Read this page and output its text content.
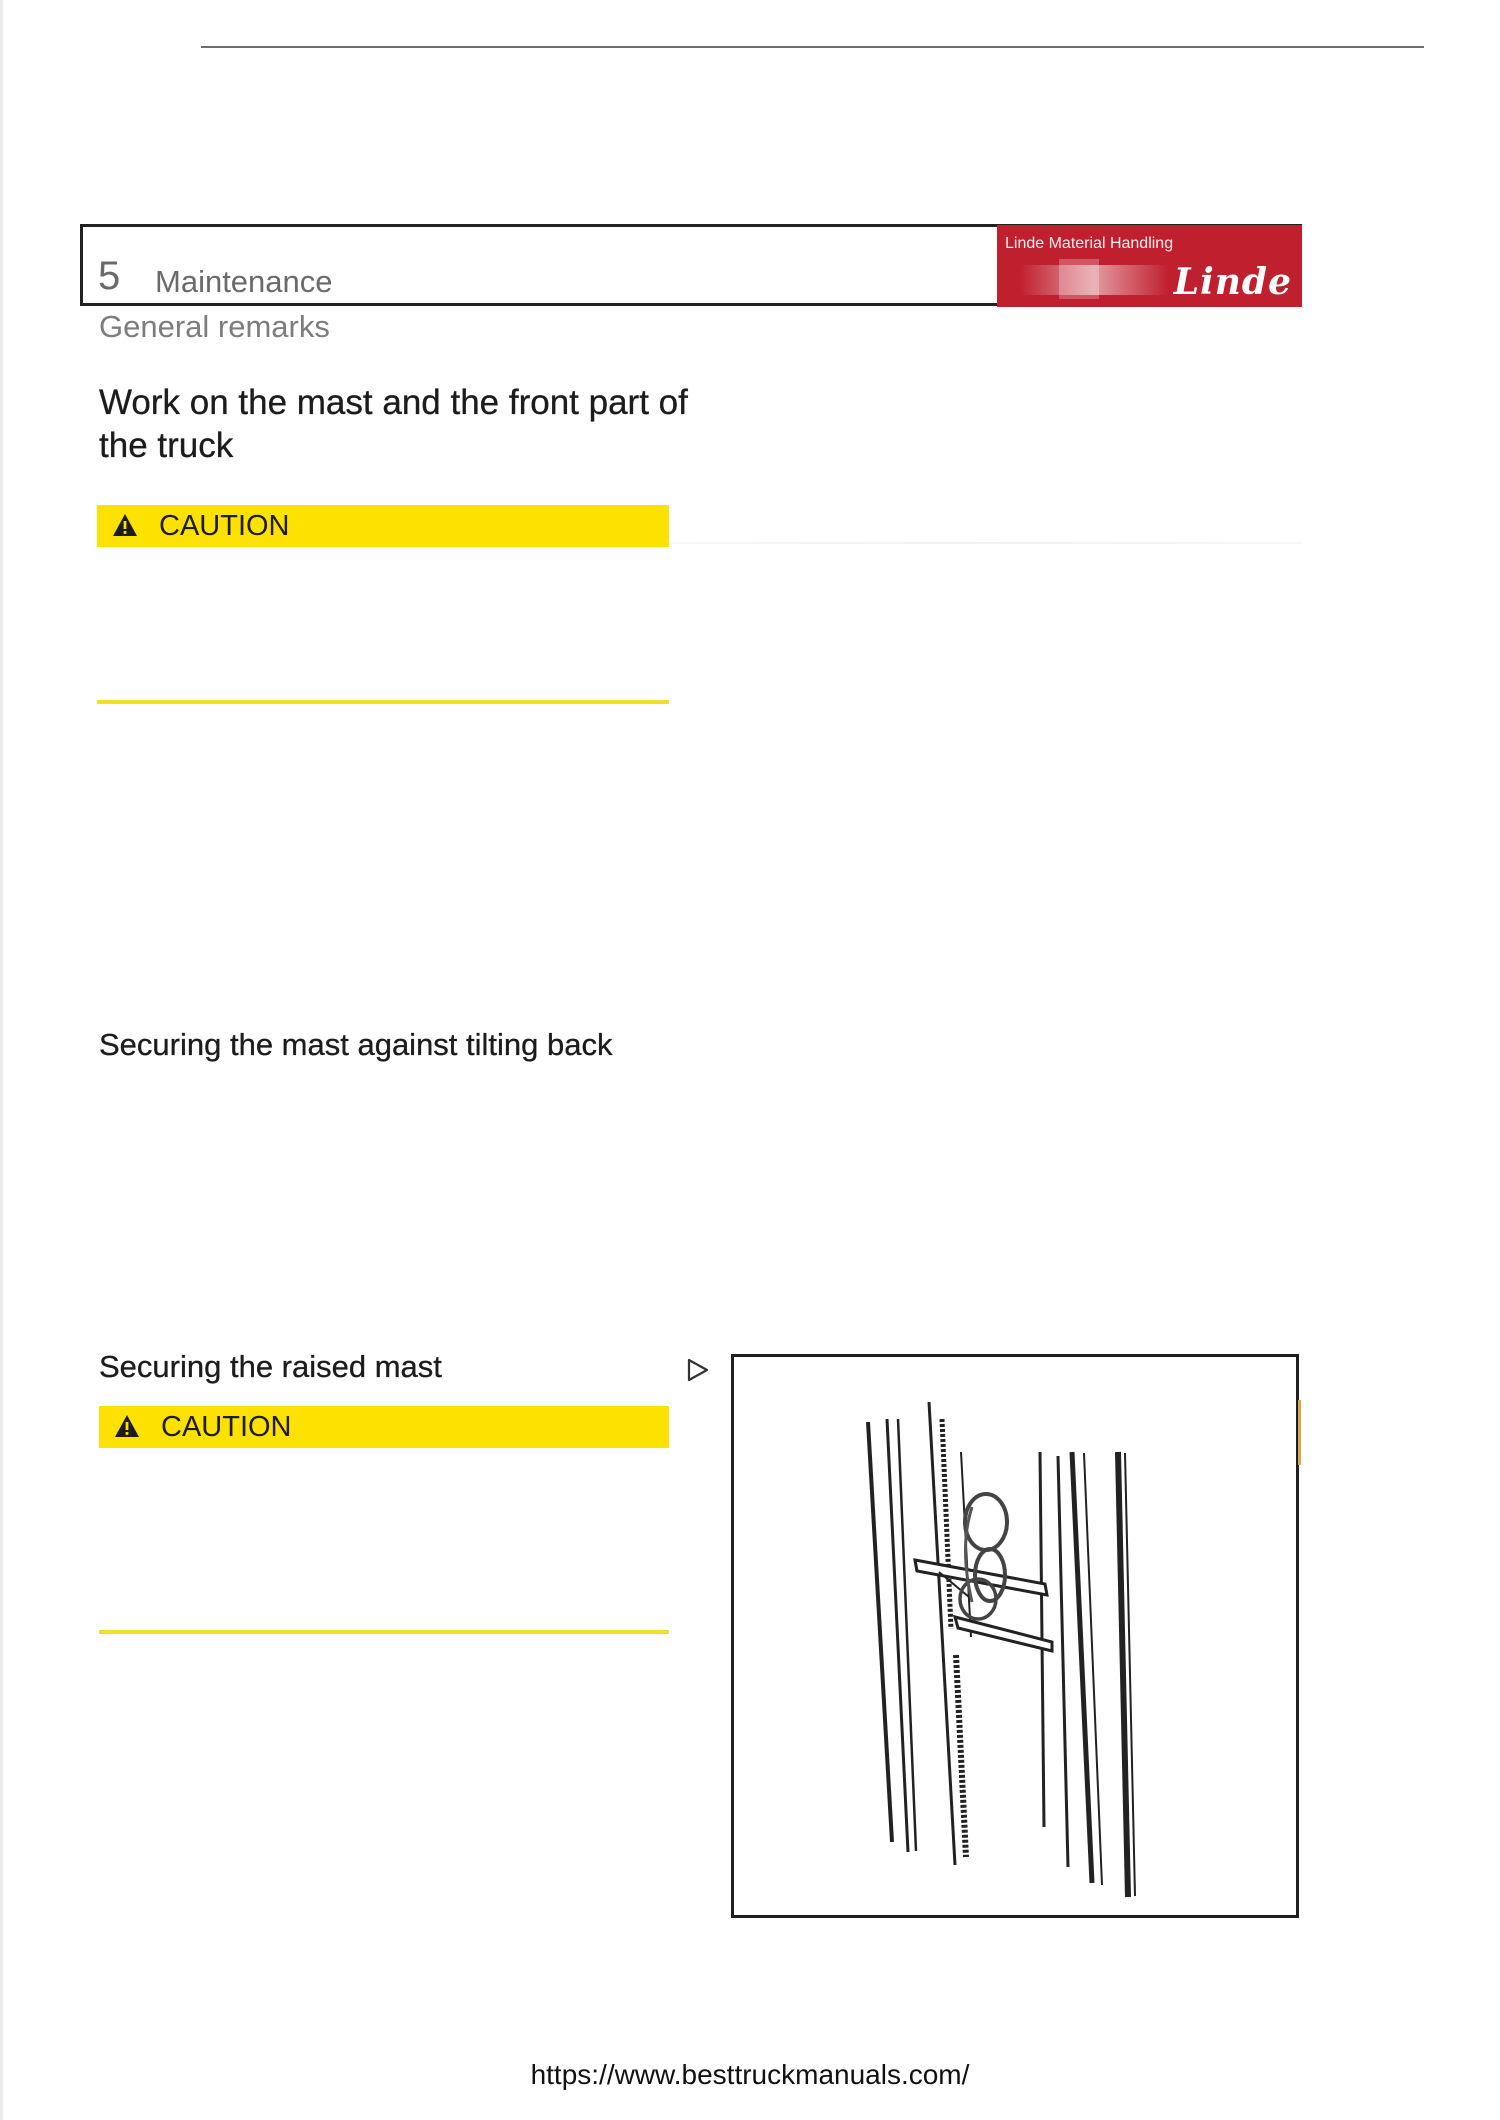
5 Maintenance
General remarks
Linde Material Handling
Linde
Work on the mast and the front part of the truck
CAUTION
Securing the mast against tilting back
Securing the raised mast
CAUTION
https://www.besttruckmanuals.com/
